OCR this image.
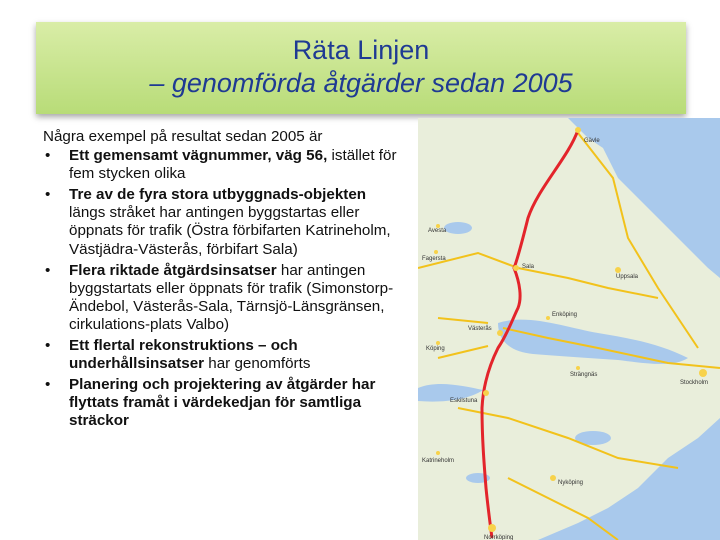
Räta Linjen
– genomförda åtgärder sedan 2005
Några exempel på resultat sedan 2005 är
• Ett gemensamt vägnummer, väg 56, istället för fem stycken olika
• Tre av de fyra stora utbyggnads-objekten längs stråket har antingen byggstartas eller öppnats för trafik (Östra förbifarten Katrineholm, Västjädra-Västerås, förbifart Sala)
• Flera riktade åtgärdsinsatser har antingen byggstartats eller öppnats för trafik (Simonstorp-Ändebol, Västerås-Sala, Tärnsjö-Länsgränsen, cirkulations-plats Valbo)
• Ett flertal rekonstruktions – och underhållsinsatser har genomförts
• Planering och projektering av åtgärder har flyttats framåt i värdekedjan för samtliga sträckor
Gävle
Avesta
Fagersta
Sala
Uppsala
Enköping
Västerås
Köping
Strängnäs
Stockholm
Eskilstuna
Katrineholm
Nyköping
Norrköping
